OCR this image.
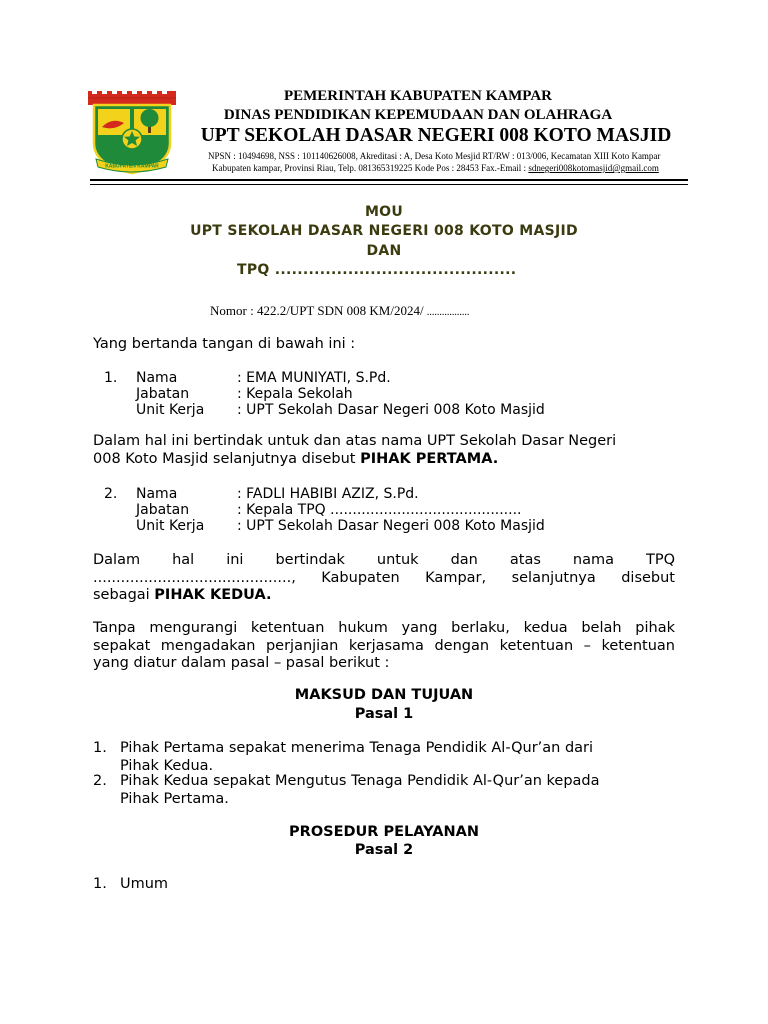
KABUPATEN KAMPAR
PEMERINTAH KABUPATEN KAMPAR
DINAS PENDIDIKAN KEPEMUDAAN DAN OLAHRAGA
UPT SEKOLAH DASAR NEGERI 008 KOTO MASJID
NPSN : 10494698, NSS : 101140626008, Akreditasi : A, Desa Koto Mesjid RT/RW : 013/006, Kecamatan XIII Koto Kampar
Kabupaten kampar, Provinsi Riau, Telp. 081365319225 Kode Pos : 28453 Fax.-Email : sdnegeri008kotomasjid@gmail.com
MOU
UPT SEKOLAH DASAR NEGERI 008 KOTO MASJID
DAN
TPQ ...........................................
Nomor : 422.2/UPT SDN 008 KM/2024/ .................
Yang bertanda tangan di bawah ini :
1. Nama
Jabatan
Unit Kerja
: EMA MUNIYATI, S.Pd.
: Kepala Sekolah
: UPT Sekolah Dasar Negeri 008 Koto Masjid
Dalam hal ini bertindak untuk dan atas nama UPT Sekolah Dasar Negeri
008 Koto Masjid selanjutnya disebut PIHAK PERTAMA.
2. Nama
Jabatan
Unit Kerja
: FADLI HABIBI AZIZ, S.Pd.
: Kepala TPQ ...........................................
: UPT Sekolah Dasar Negeri 008 Koto Masjid
Dalam hal ini bertindak untuk dan atas nama TPQ
..........................................., Kabupaten Kampar, selanjutnya disebut
sebagai PIHAK KEDUA.
Tanpa mengurangi ketentuan hukum yang berlaku, kedua belah pihak
sepakat mengadakan perjanjian kerjasama dengan ketentuan – ketentuan
yang diatur dalam pasal – pasal berikut :
MAKSUD DAN TUJUAN
Pasal 1
1. Pihak Pertama sepakat menerima Tenaga Pendidik Al-Qur’an dari
Pihak Kedua.
2. Pihak Kedua sepakat Mengutus Tenaga Pendidik Al-Qur’an kepada
Pihak Pertama.
PROSEDUR PELAYANAN
Pasal 2
1. Umum
